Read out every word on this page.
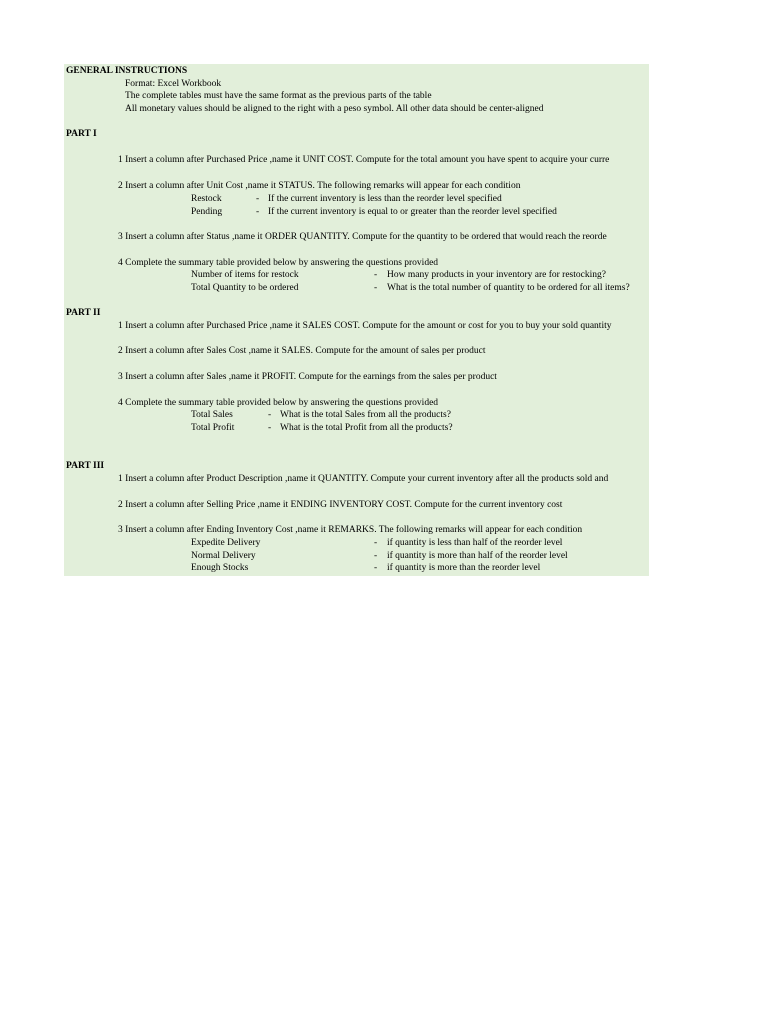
GENERAL INSTRUCTIONS
Format: Excel Workbook
The complete tables must have the same format as the previous parts of the table
All monetary values should be aligned to the right with a peso symbol. All other data should be center-aligned
PART I
1 Insert a column after Purchased Price ,name it UNIT COST. Compute for the total amount you have spent to acquire your curre
2 Insert a column after Unit Cost ,name it STATUS. The following remarks will appear for each condition
Restock	- If the current inventory is less than the reorder level specified
Pending	- If the current inventory is equal to or greater than the reorder level specified
3 Insert a column after Status ,name it ORDER QUANTITY. Compute for the quantity to be ordered that would reach the reorde
4 Complete the summary table provided below by answering the questions provided
Number of items for restock	- How many products in your inventory are for restocking?
Total Quantity to be ordered	- What is the total number of quantity to be ordered for all items?
PART II
1 Insert a column after Purchased Price ,name it SALES COST. Compute for the amount or cost for you to buy your sold quantity
2 Insert a column after Sales Cost ,name it SALES. Compute for the amount of sales per product
3 Insert a column after Sales ,name it PROFIT. Compute for the earnings from the sales per product
4 Complete the summary table provided below by answering the questions provided
Total Sales	- What is the total Sales from all the products?
Total Profit	- What is the total Profit from all the products?
PART III
1 Insert a column after Product Description ,name it QUANTITY. Compute your current inventory after all the products sold and
2 Insert a column after Selling Price ,name it ENDING INVENTORY COST. Compute for the current inventory cost
3 Insert a column after Ending Inventory Cost ,name it REMARKS. The following remarks will appear for each condition
Expedite Delivery	- if quantity is less than half of the reorder level
Normal Delivery	- if quantity is more than half of the reorder level
Enough Stocks	- if quantity is more than the reorder level
